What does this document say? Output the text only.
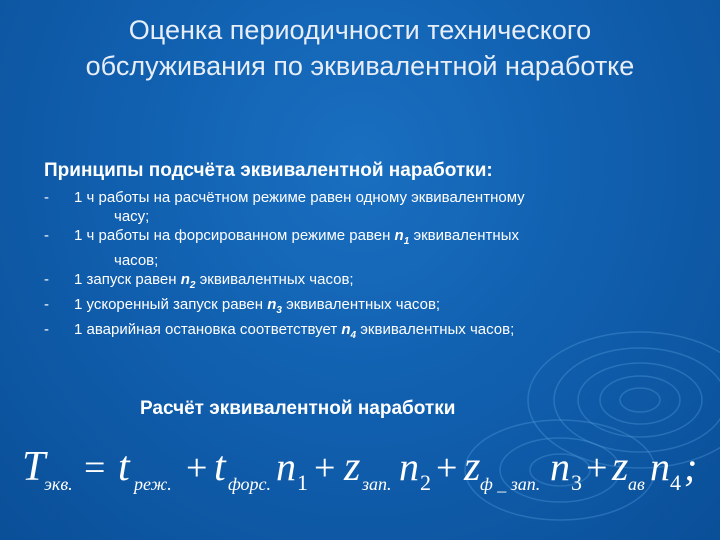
Оценка периодичности технического обслуживания по эквивалентной наработке
Принципы подсчёта эквивалентной наработки:
-	1 ч работы на расчётном режиме равен одному эквивалентному
часу;
-	1 ч работы на форсированном режиме равен $n_1$ эквивалентных
часов;
-	1 запуск равен $n_2$ эквивалентных часов;
-	1 ускоренный запуск равен $n_3$ эквивалентных часов;
-	1 аварийная остановка соответствует $n_4$ эквивалентных часов;
Расчёт эквивалентной наработки
T
экв. = t реж. + t форс. n 1 + z зап. n 2 + z ф _ зап. n 3 + z ав n 4 ;
